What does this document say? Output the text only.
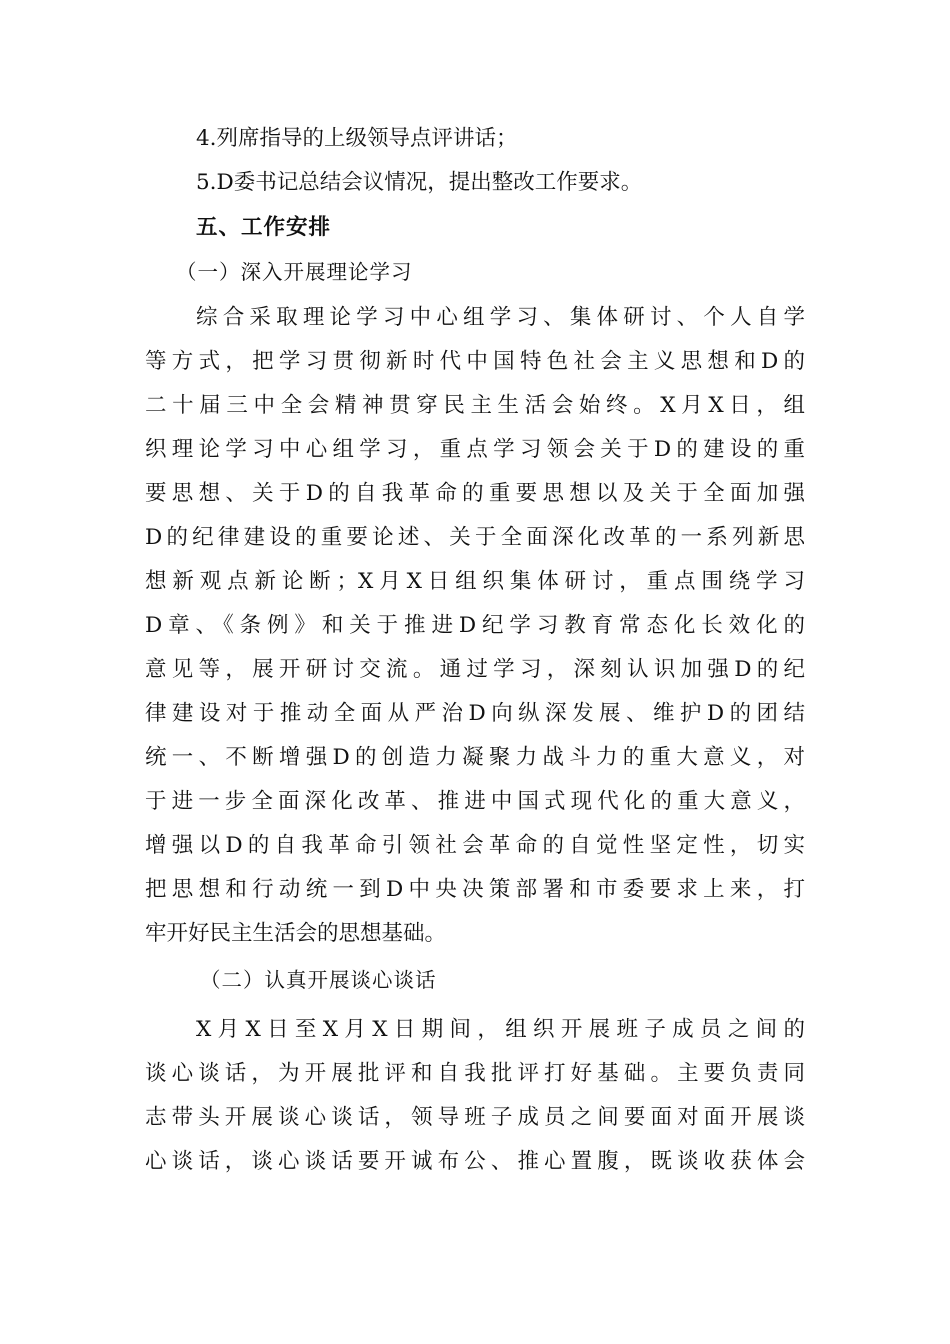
4.列席指导的上级领导点评讲话；
5.D委书记总结会议情况，提出整改工作要求。
五、工作安排
（一）深入开展理论学习
综合采取理论学习中心组学习、集体研讨、个人自学
等方式，把学习贯彻新时代中国特色社会主义思想和D的
二十届三中全会精神贯穿民主生活会始终。X月X日，组
织理论学习中心组学习，重点学习领会关于D的建设的重
要思想、关于D的自我革命的重要思想以及关于全面加强
D的纪律建设的重要论述、关于全面深化改革的一系列新思
想新观点新论断；X月X日组织集体研讨，重点围绕学习
D章、《条例》和关于推进D纪学习教育常态化长效化的
意见等，展开研讨交流。通过学习，深刻认识加强D的纪
律建设对于推动全面从严治D向纵深发展、维护D的团结
统一、不断增强D的创造力凝聚力战斗力的重大意义，对
于进一步全面深化改革、推进中国式现代化的重大意义，
增强以D的自我革命引领社会革命的自觉性坚定性，切实
把思想和行动统一到D中央决策部署和市委要求上来，打
牢开好民主生活会的思想基础。
（二）认真开展谈心谈话
X月X日至X月X日期间，组织开展班子成员之间的
谈心谈话，为开展批评和自我批评打好基础。主要负责同
志带头开展谈心谈话，领导班子成员之间要面对面开展谈
心谈话，谈心谈话要开诚布公、推心置腹，既谈收获体会
